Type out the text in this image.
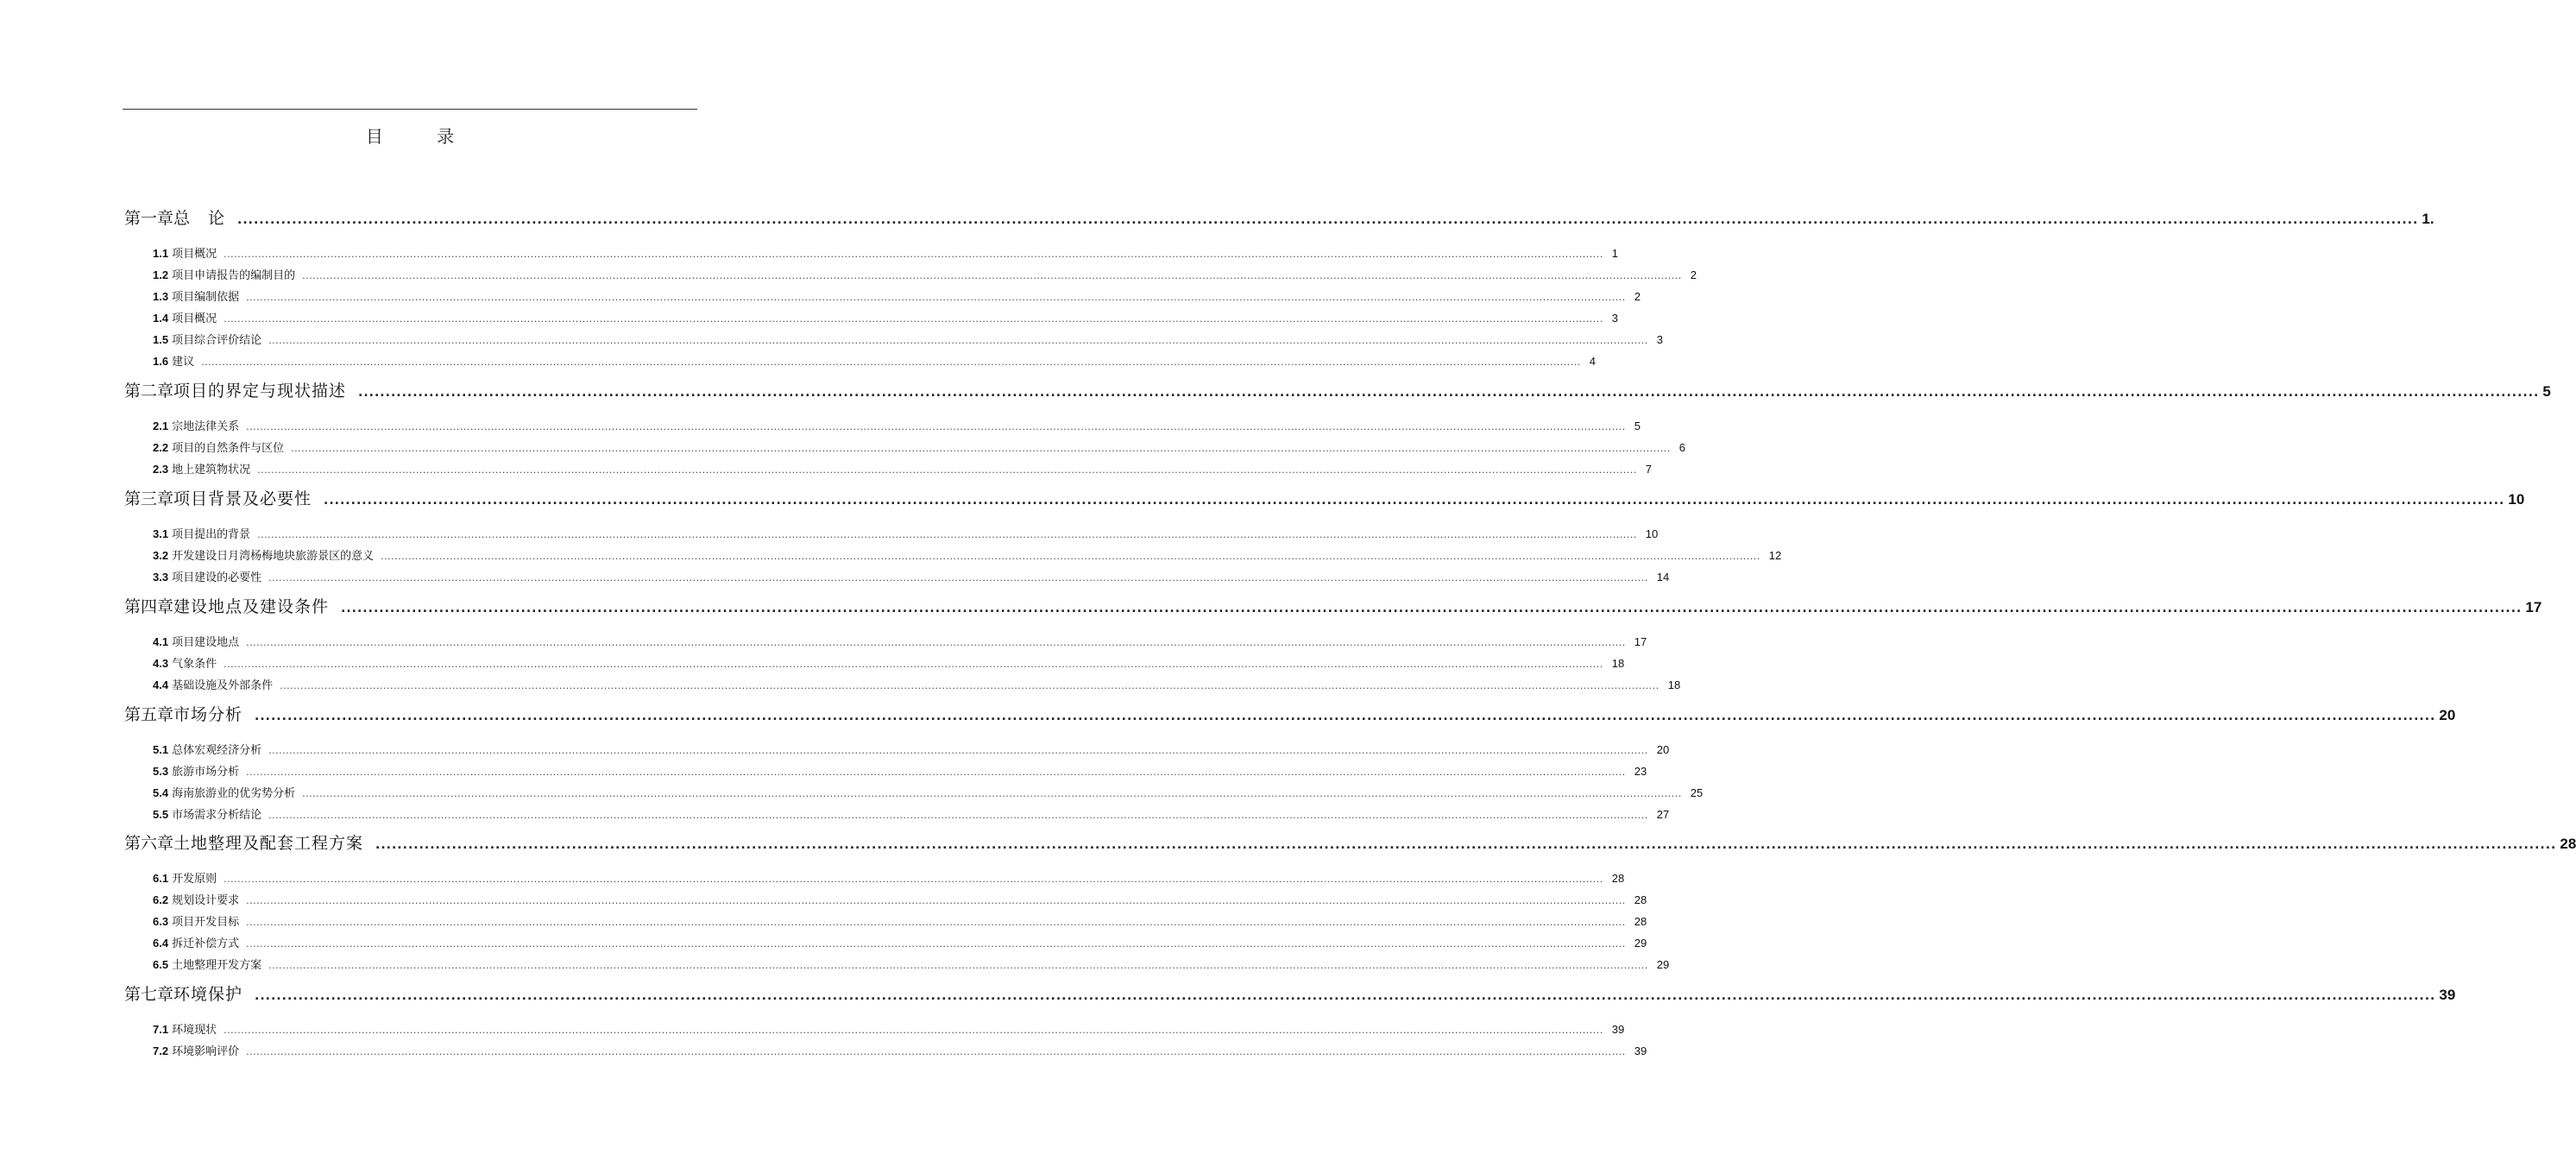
目 录
第一章 总　论 ................................................................................................................................................................................................................................................................................................................................................................................................................ 1.
1.1 项目概况 ................................................................................................................................................................................................................................................................................................................................................................................................................ 1
1.2 项目申请报告的编制目的 ................................................................................................................................................................................................................................................................................................................................................................................................................ 2
1.3 项目编制依据 ................................................................................................................................................................................................................................................................................................................................................................................................................ 2
1.4 项目概况 ................................................................................................................................................................................................................................................................................................................................................................................................................ 3
1.5 项目综合评价结论 ................................................................................................................................................................................................................................................................................................................................................................................................................ 3
1.6 建议 ................................................................................................................................................................................................................................................................................................................................................................................................................ 4
第二章 项目的界定与现状描述 ................................................................................................................................................................................................................................................................................................................................................................................................................ 5
2.1 宗地法律关系 ................................................................................................................................................................................................................................................................................................................................................................................................................ 5
2.2 项目的自然条件与区位 ................................................................................................................................................................................................................................................................................................................................................................................................................ 6
2.3 地上建筑物状况 ................................................................................................................................................................................................................................................................................................................................................................................................................ 7
第三章 项目背景及必要性 ................................................................................................................................................................................................................................................................................................................................................................................................................ 10
3.1 项目提出的背景 ................................................................................................................................................................................................................................................................................................................................................................................................................ 10
3.2 开发建设日月湾杨梅地块旅游景区的意义 ................................................................................................................................................................................................................................................................................................................................................................................................................ 12
3.3 项目建设的必要性 ................................................................................................................................................................................................................................................................................................................................................................................................................ 14
第四章 建设地点及建设条件 ................................................................................................................................................................................................................................................................................................................................................................................................................ 17
4.1 项目建设地点 ................................................................................................................................................................................................................................................................................................................................................................................................................ 17
4.3 气象条件 ................................................................................................................................................................................................................................................................................................................................................................................................................ 18
4.4 基础设施及外部条件 ................................................................................................................................................................................................................................................................................................................................................................................................................ 18
第五章 市场分析 ................................................................................................................................................................................................................................................................................................................................................................................................................ 20
5.1 总体宏观经济分析 ................................................................................................................................................................................................................................................................................................................................................................................................................ 20
5.3 旅游市场分析 ................................................................................................................................................................................................................................................................................................................................................................................................................ 23
5.4 海南旅游业的优劣势分析 ................................................................................................................................................................................................................................................................................................................................................................................................................ 25
5.5 市场需求分析结论 ................................................................................................................................................................................................................................................................................................................................................................................................................ 27
第六章 土地整理及配套工程方案 ................................................................................................................................................................................................................................................................................................................................................................................................................ 28
6.1 开发原则 ................................................................................................................................................................................................................................................................................................................................................................................................................ 28
6.2 规划设计要求 ................................................................................................................................................................................................................................................................................................................................................................................................................ 28
6.3 项目开发目标 ................................................................................................................................................................................................................................................................................................................................................................................................................ 28
6.4 拆迁补偿方式 ................................................................................................................................................................................................................................................................................................................................................................................................................ 29
6.5 土地整理开发方案 ................................................................................................................................................................................................................................................................................................................................................................................................................ 29
第七章 环境保护 ................................................................................................................................................................................................................................................................................................................................................................................................................ 39
7.1 环境现状 ................................................................................................................................................................................................................................................................................................................................................................................................................ 39
7.2 环境影响评价 ................................................................................................................................................................................................................................................................................................................................................................................................................ 39
